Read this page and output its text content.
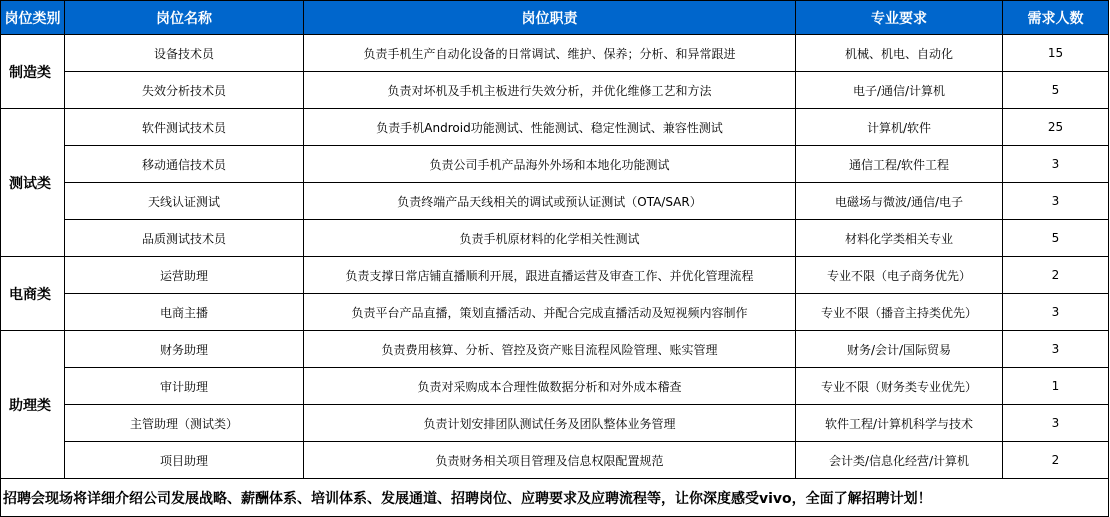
岗位类别	岗位名称	岗位职责	专业要求	需求人数
制造类	设备技术员	负责手机生产自动化设备的日常调试、维护、保养；分析、和异常跟进	机械、机电、自动化	15
	失效分析技术员	负责对坏机及手机主板进行失效分析，并优化维修工艺和方法	电子/通信/计算机	5
测试类	软件测试技术员	负责手机Android功能测试、性能测试、稳定性测试、兼容性测试	计算机/软件	25
	移动通信技术员	负责公司手机产品海外外场和本地化功能测试	通信工程/软件工程	3
	天线认证测试	负责终端产品天线相关的调试或预认证测试（OTA/SAR）	电磁场与微波/通信/电子	3
	品质测试技术员	负责手机原材料的化学相关性测试	材料化学类相关专业	5
电商类	运营助理	负责支撑日常店铺直播顺利开展，跟进直播运营及审查工作、并优化管理流程	专业不限（电子商务优先）	2
	电商主播	负责平台产品直播，策划直播活动、并配合完成直播活动及短视频内容制作	专业不限（播音主持类优先）	3
助理类	财务助理	负责费用核算、分析、管控及资产账目流程风险管理、账实管理	财务/会计/国际贸易	3
	审计助理	负责对采购成本合理性做数据分析和对外成本稽查	专业不限（财务类专业优先）	1
	主管助理（测试类）	负责计划安排团队测试任务及团队整体业务管理	软件工程/计算机科学与技术	3
	项目助理	负责财务相关项目管理及信息权限配置规范	会计类/信息化经营/计算机	2
招聘会现场将详细介绍公司发展战略、薪酬体系、培训体系、发展通道、招聘岗位、应聘要求及应聘流程等，让你深度感受vivo，全面了解招聘计划！				
